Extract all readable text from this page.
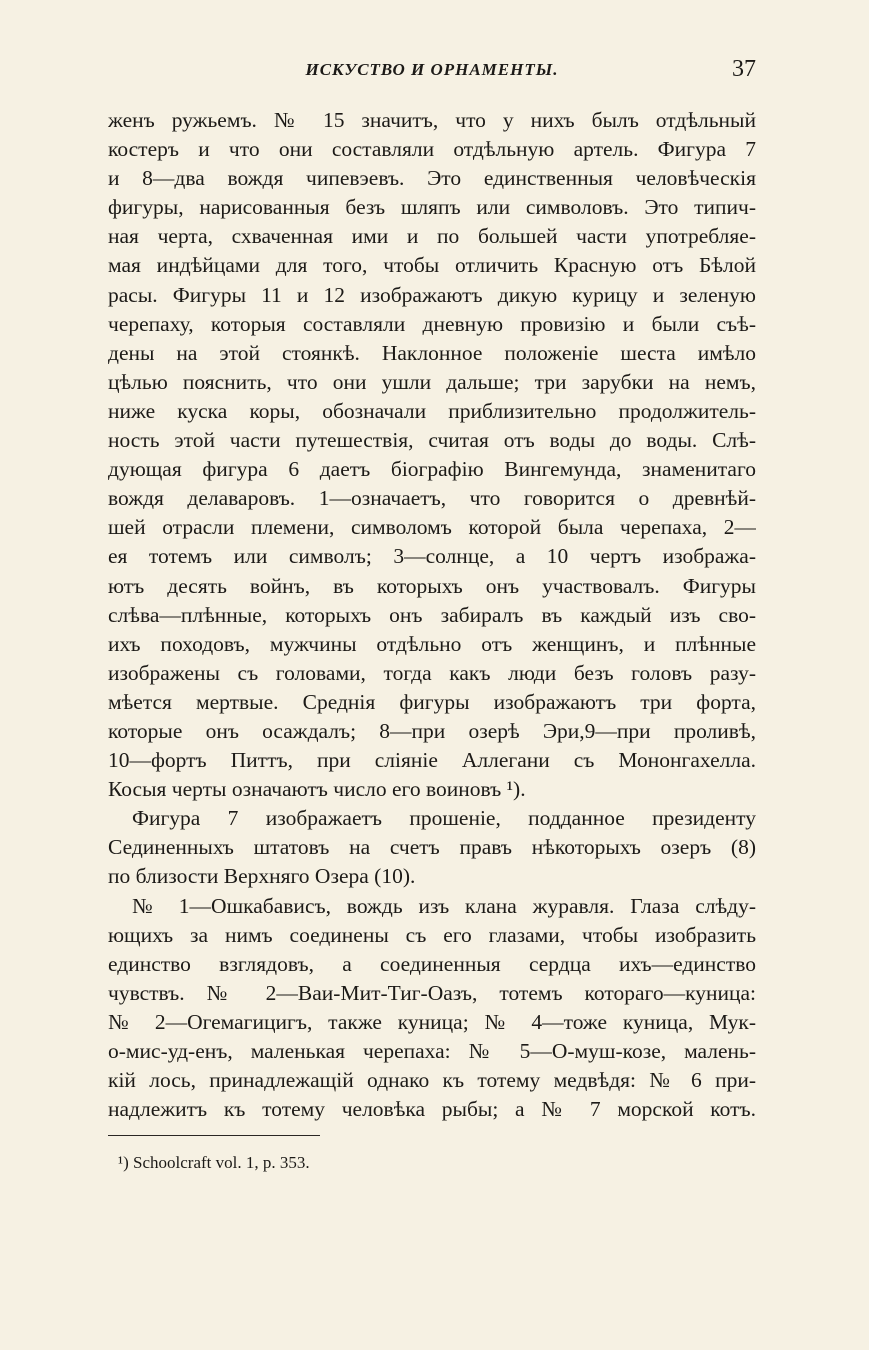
ИСКУСТВО И ОРНАМЕНТЫ.	37
женъ ружьемъ. № 15 значитъ, что у нихъ былъ отдѣльный
костеръ и что они составляли отдѣльную артель. Фигура 7
и 8—два вождя чипевэевъ. Это единственныя человѣческія
фигуры, нарисованныя безъ шляпъ или символовъ. Это типич-
ная черта, схваченная ими и по большей части употребляе-
мая индѣйцами для того, чтобы отличить Красную отъ Бѣлой
расы. Фигуры 11 и 12 изображаютъ дикую курицу и зеленую
черепаху, которыя составляли дневную провизію и были съѣ-
дены на этой стоянкѣ. Наклонное положеніе шеста имѣло
цѣлью пояснить, что они ушли дальше; три зарубки на немъ,
ниже куска коры, обозначали приблизительно продолжитель-
ность этой части путешествія, считая отъ воды до воды. Слѣ-
дующая фигура 6 даетъ біографію Вингемунда, знаменитаго
вождя делаваровъ. 1—означаетъ, что говорится о древнѣй-
шей отрасли племени, символомъ которой была черепаха, 2—
ея тотемъ или символъ; 3—солнце, а 10 чертъ изобража-
ютъ десять войнъ, въ которыхъ онъ участвовалъ. Фигуры
слѣва—плѣнные, которыхъ онъ забиралъ въ каждый изъ сво-
ихъ походовъ, мужчины отдѣльно отъ женщинъ, и плѣнные
изображены съ головами, тогда какъ люди безъ головъ разу-
мѣется мертвые. Среднія фигуры изображаютъ три форта,
которые онъ осаждалъ; 8—при озерѣ Эри,9—при проливѣ,
10—фортъ Питтъ, при сліяніе Аллегани съ Мононгахелла.
Косыя черты означаютъ число его воиновъ ¹).
Фигура 7 изображаетъ прошеніе, подданное президенту
Сединенныхъ штатовъ на счетъ правъ нѣкоторыхъ озеръ (8)
по близости Верхняго Озера (10).
№ 1—Ошкабависъ, вождь изъ клана журавля. Глаза слѣду-
ющихъ за нимъ соединены съ его глазами, чтобы изобразить
единство взглядовъ, а соединенныя сердца ихъ—единство
чувствъ. № 2—Ваи-Мит-Тиг-Оазъ, тотемъ котораго—куница:
№ 2—Огемагицигъ, также куница; № 4—тоже куница, Мук-
о-мис-уд-енъ, маленькая черепаха: № 5—О-муш-козе, малень-
кій лось, принадлежащій однако къ тотему медвѣдя: № 6 при-
надлежитъ къ тотему человѣка рыбы; а № 7 морской котъ.
¹) Schoolcraft vol. 1, p. 353.
